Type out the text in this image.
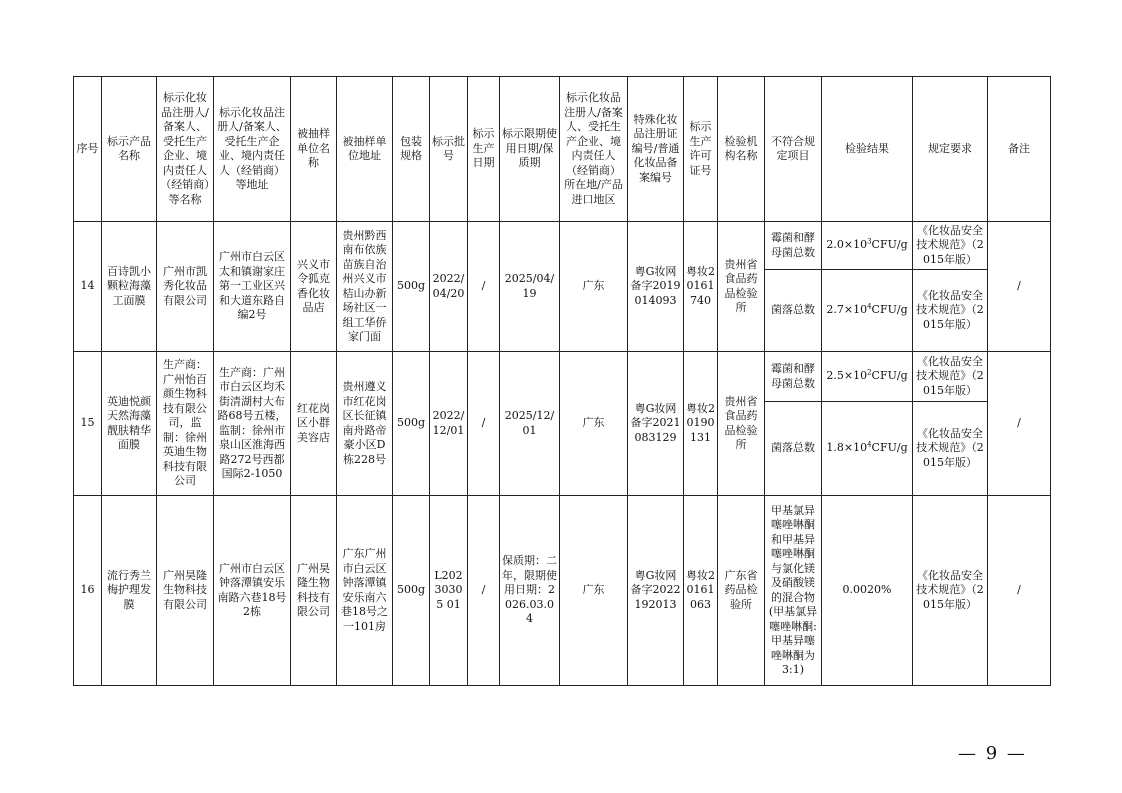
序号	标示产品名称	标示化妆品注册人/备案人、受托生产企业、境内责任人（经销商）等名称	标示化妆品注册人/备案人、受托生产企业、境内责任人（经销商）等地址	被抽样单位名称	被抽样单位地址	包装规格	标示批号	标示生产日期	标示限期使用日期/保质期	标示化妆品注册人/备案人、受托生产企业、境内责任人（经销商）所在地/产品进口地区	特殊化妆品注册证编号/普通化妆品备案编号	标示生产许可证号	检验机构名称	不符合规定项目	检验结果	规定要求	备注
14	百诗凯小颗粒海藻工面膜	广州市凯秀化妆品有限公司	广州市白云区太和镇谢家庄第一工业区兴和大道东路自编2号	兴义市令狐克香化妆品店	贵州黔西南布依族苗族自治州兴义市桔山办新场社区一组工华侨家门面	500g	2022/04/20	/	2025/04/19	广东	粤G妆网备字2019014093	粤妆20161740	贵州省食品药品检验所	霉菌和酵母菌总数	$2.0\times 10^3CFU/g$	《化妆品安全技术规范》（2015年版）	/
														菌落总数	$2.7\times 10^4CFU/g$	《化妆品安全技术规范》（2015年版）	
15	英迪悦颜天然海藻靓肤精华面膜	生产商：广州怡百颜生物科技有限公司，监制：徐州英迪生物科技有限公司	生产商：广州市白云区均禾街清湖村大布路68号五楼，监制：徐州市泉山区淮海西路272号西都国际2-1050	红花岗区小群美容店	贵州遵义市红花岗区长征镇南舟路帝豪小区D栋228号	500g	2022/12/01	/	2025/12/01	广东	粤G妆网备字2021083129	粤妆20190131	贵州省食品药品检验所	霉菌和酵母菌总数	$2.5\times 10^2CFU/g$	《化妆品安全技术规范》（2015年版）	/
														菌落总数	$1.8\times 10^4CFU/g$	《化妆品安全技术规范》（2015年版）	
16	流行秀兰梅护理发膜	广州昊隆生物科技有限公司	广州市白云区钟落潭镇安乐南路六巷18号2栋	广州昊隆生物科技有限公司	广东广州市白云区钟落潭镇安乐南六巷18号之一101房	500g	L20230305 01	/	保质期：二年，限期使用日期：2026.03.04	广东	粤G妆网备字2022192013	粤妆20161063	广东省药品检验所	甲基氯异噻唑啉酮和甲基异噻唑啉酮与氯化镁及硝酸镁的混合物(甲基氯异噻唑啉酮:甲基异噻唑啉酮为3:1)	0.0020%	《化妆品安全技术规范》（2015年版）	/
— 9 —
